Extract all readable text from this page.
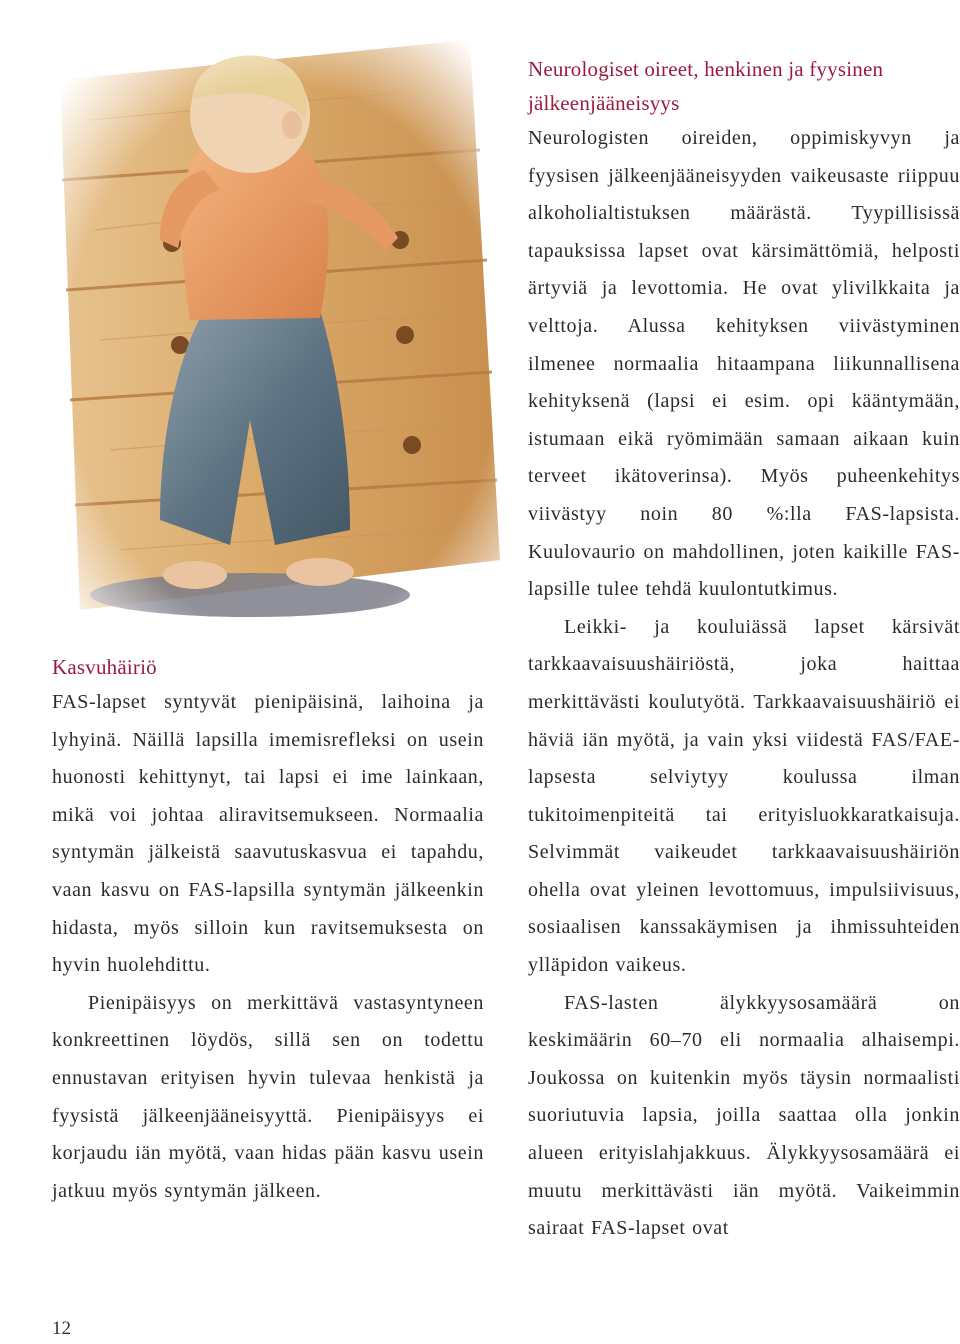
Kasvuhäiriö

FAS-lapset syntyvät pienipäisinä, laihoina ja lyhyinä. Näillä lapsilla imemisrefleksi on usein huonosti kehittynyt, tai lapsi ei ime lainkaan, mikä voi johtaa aliravitsemukseen. Normaalia syntymän jälkeistä saavutuskasvua ei tapahdu, vaan kasvu on FAS-lapsilla syntymän jälkeenkin hidasta, myös silloin kun ravitsemuksesta on hyvin huolehdittu.

Pienipäisyys on merkittävä vastasyntyneen konkreettinen löydös, sillä sen on todettu ennustavan erityisen hyvin tulevaa henkistä ja fyysistä jälkeenjääneisyyttä. Pienipäisyys ei korjaudu iän myötä, vaan hidas pään kasvu usein jatkuu myös syntymän jälkeen.

Neurologiset oireet, henkinen ja fyysinen jälkeenjääneisyys

Neurologisten oireiden, oppimiskyvyn ja fyysisen jälkeenjääneisyyden vaikeusaste riippuu alkoholialtistuksen määrästä. Tyypillisissä tapauksissa lapset ovat kärsimättömiä, helposti ärtyviä ja levottomia. He ovat ylivilkkaita ja velttoja. Alussa kehityksen viivästyminen ilmenee normaalia hitaampana liikunnallisena kehityksenä (lapsi ei esim. opi kääntymään, istumaan eikä ryömimään samaan aikaan kuin terveet ikätoverinsa). Myös puheenkehitys viivästyy noin 80 %:lla FAS-lapsista. Kuulovaurio on mahdollinen, joten kaikille FAS-lapsille tulee tehdä kuulontutkimus.

Leikki- ja kouluiässä lapset kärsivät tarkkaavaisuushäiriöstä, joka haittaa merkittävästi koulutyötä. Tarkkaavaisuushäiriö ei häviä iän myötä, ja vain yksi viidestä FAS/FAE-lapsesta selviytyy koulussa ilman tukitoimenpiteitä tai erityisluokkaratkaisuja. Selvimmät vaikeudet tarkkaavaisuushäiriön ohella ovat yleinen levottomuus, impulsiivisuus, sosiaalisen kanssakäymisen ja ihmissuhteiden ylläpidon vaikeus.

FAS-lasten älykkyysosamäärä on keskimäärin 60–70 eli normaalia alhaisempi. Joukossa on kuitenkin myös täysin normaalisti suoriutuvia lapsia, joilla saattaa olla jonkin alueen erityislahjakkuus. Älykkyysosamäärä ei muutu merkittävästi iän myötä. Vaikeimmin sairaat FAS-lapset ovat

12
